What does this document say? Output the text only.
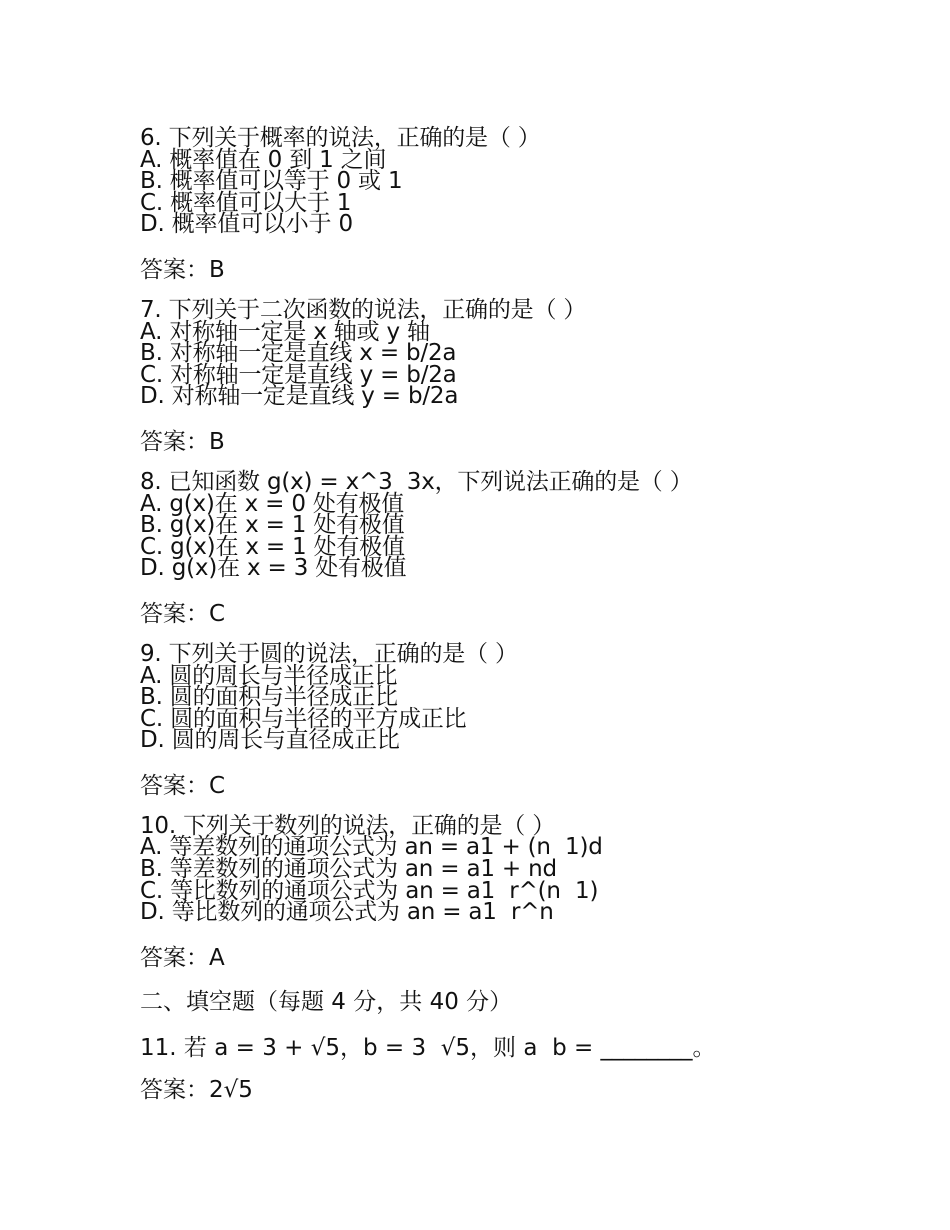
6. 下列关于概率的说法，正确的是（ ）
A. 概率值在 0 到 1 之间
B. 概率值可以等于 0 或 1
C. 概率值可以大于 1
D. 概率值可以小于 0
答案：B
7. 下列关于二次函数的说法，正确的是（ ）
A. 对称轴一定是 x 轴或 y 轴
B. 对称轴一定是直线 x = b/2a
C. 对称轴一定是直线 y = b/2a
D. 对称轴一定是直线 y = b/2a
答案：B
8. 已知函数 g(x) = x^3  3x，下列说法正确的是（ ）
A. g(x)在 x = 0 处有极值
B. g(x)在 x = 1 处有极值
C. g(x)在 x = 1 处有极值
D. g(x)在 x = 3 处有极值
答案：C
9. 下列关于圆的说法，正确的是（ ）
A. 圆的周长与半径成正比
B. 圆的面积与半径成正比
C. 圆的面积与半径的平方成正比
D. 圆的周长与直径成正比
答案：C
10. 下列关于数列的说法，正确的是（ ）
A. 等差数列的通项公式为 an = a1 + (n  1)d
B. 等差数列的通项公式为 an = a1 + nd
C. 等比数列的通项公式为 an = a1  r^(n  1)
D. 等比数列的通项公式为 an = a1  r^n
答案：A
二、填空题（每题 4 分，共 40 分）
11. 若 a = 3 + √5，b = 3  √5，则 a  b = ________。
答案：2√5
